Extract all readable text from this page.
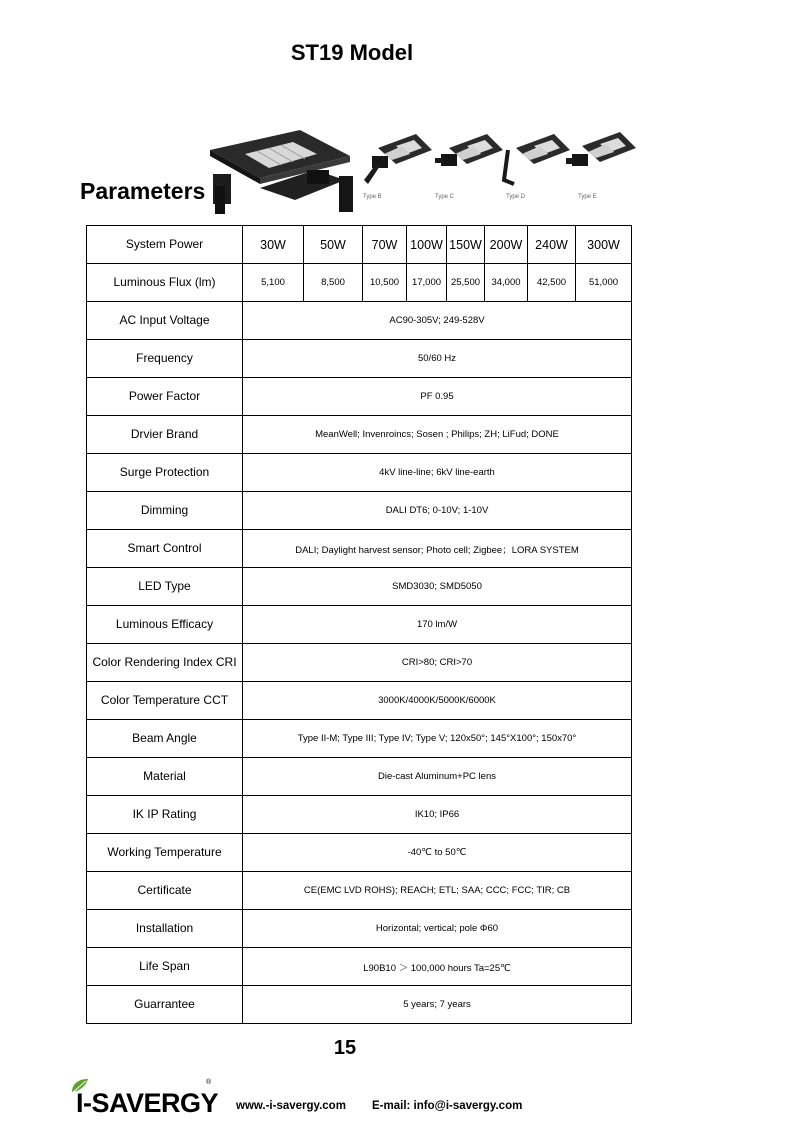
ST19 Model
Type B	Type C	Type D	Type E
Parameters
System Power	30W	50W	70W	100W	150W	200W	240W	300W
Luminous Flux (lm)	5,100	8,500	10,500	17,000	25,500	34,000	42,500	51,000
AC Input Voltage	AC90-305V; 249-528V							
Frequency	50/60 Hz							
Power Factor	PF 0.95							
Drvier Brand	MeanWell; Invenroincs; Sosen ; Philips; ZH; LiFud; DONE							
Surge Protection	4kV line-line; 6kV line-earth							
Dimming	DALI DT6; 0-10V; 1-10V							
Smart Control	DALI; Daylight harvest sensor; Photo cell; Zigbee；LORA SYSTEM							
LED Type	SMD3030; SMD5050							
Luminous Efficacy	170 lm/W							
Color Rendering Index CRI	CRI>80; CRI>70							
Color Temperature CCT	3000K/4000K/5000K/6000K							
Beam Angle	Type II-M; Type III; Type IV; Type V; 120x50°; 145°X100°; 150x70°							
Material	Die-cast Aluminum+PC lens							
IK IP Rating	IK10; IP66							
Working Temperature	-40℃ to 50℃							
Certificate	CE(EMC LVD ROHS); REACH; ETL; SAA; CCC; FCC; TIR; CB							
Installation	Horizontal; vertical; pole Φ60							
Life Span	L90B10 ＞ 100,000 hours Ta=25℃							
Guarrantee	5 years; 7 years							
15
I-SAVERGY
®
www.-i-savergy.com E-mail: info@i-savergy.com
